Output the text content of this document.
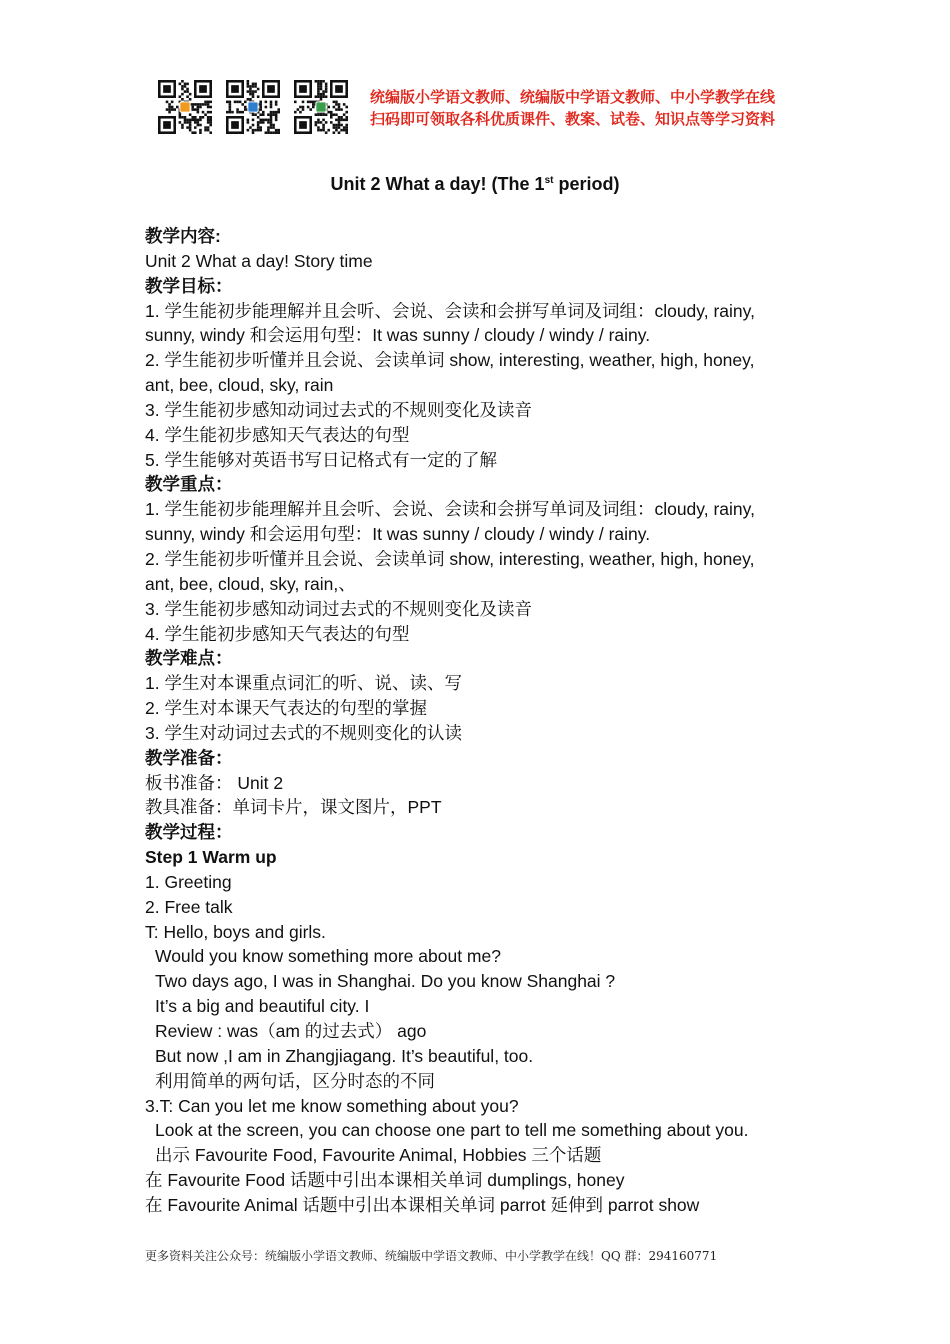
统编版小学语文教师、统编版中学语文教师、中小学教学在线
扫码即可领取各科优质课件、教案、试卷、知识点等学习资料
Unit 2 What a day! (The 1st period)
教学内容:
Unit 2 What a day! Story time
教学目标：
1. 学生能初步能理解并且会听、会说、会读和会拼写单词及词组：cloudy, rainy,
sunny, windy 和会运用句型：It was sunny / cloudy / windy / rainy.
2. 学生能初步听懂并且会说、会读单词 show, interesting, weather, high, honey,
ant, bee, cloud, sky, rain
3. 学生能初步感知动词过去式的不规则变化及读音
4. 学生能初步感知天气表达的句型
5. 学生能够对英语书写日记格式有一定的了解
教学重点：
1. 学生能初步能理解并且会听、会说、会读和会拼写单词及词组：cloudy, rainy,
sunny, windy 和会运用句型：It was sunny / cloudy / windy / rainy.
2. 学生能初步听懂并且会说、会读单词 show, interesting, weather, high, honey,
ant, bee, cloud, sky, rain,、
3. 学生能初步感知动词过去式的不规则变化及读音
4. 学生能初步感知天气表达的句型
教学难点：
1. 学生对本课重点词汇的听、说、读、写
2. 学生对本课天气表达的句型的掌握
3. 学生对动词过去式的不规则变化的认读
教学准备：
板书准备： Unit 2
教具准备：单词卡片，课文图片，PPT
教学过程：
Step 1 Warm up
1. Greeting
2. Free talk
T: Hello, boys and girls.
Would you know something more about me?
Two days ago, I was in Shanghai. Do you know Shanghai ?
It’s a big and beautiful city. I
Review : was（am 的过去式） ago
But now ,I am in Zhangjiagang. It’s beautiful, too.
利用简单的两句话，区分时态的不同
3.T: Can you let me know something about you?
Look at the screen, you can choose one part to tell me something about you.
出示 Favourite Food, Favourite Animal, Hobbies 三个话题
在 Favourite Food 话题中引出本课相关单词 dumplings, honey
在 Favourite Animal 话题中引出本课相关单词 parrot 延伸到 parrot show
更多资料关注公众号：统编版小学语文教师、统编版中学语文教师、中小学教学在线！QQ 群：294160771
